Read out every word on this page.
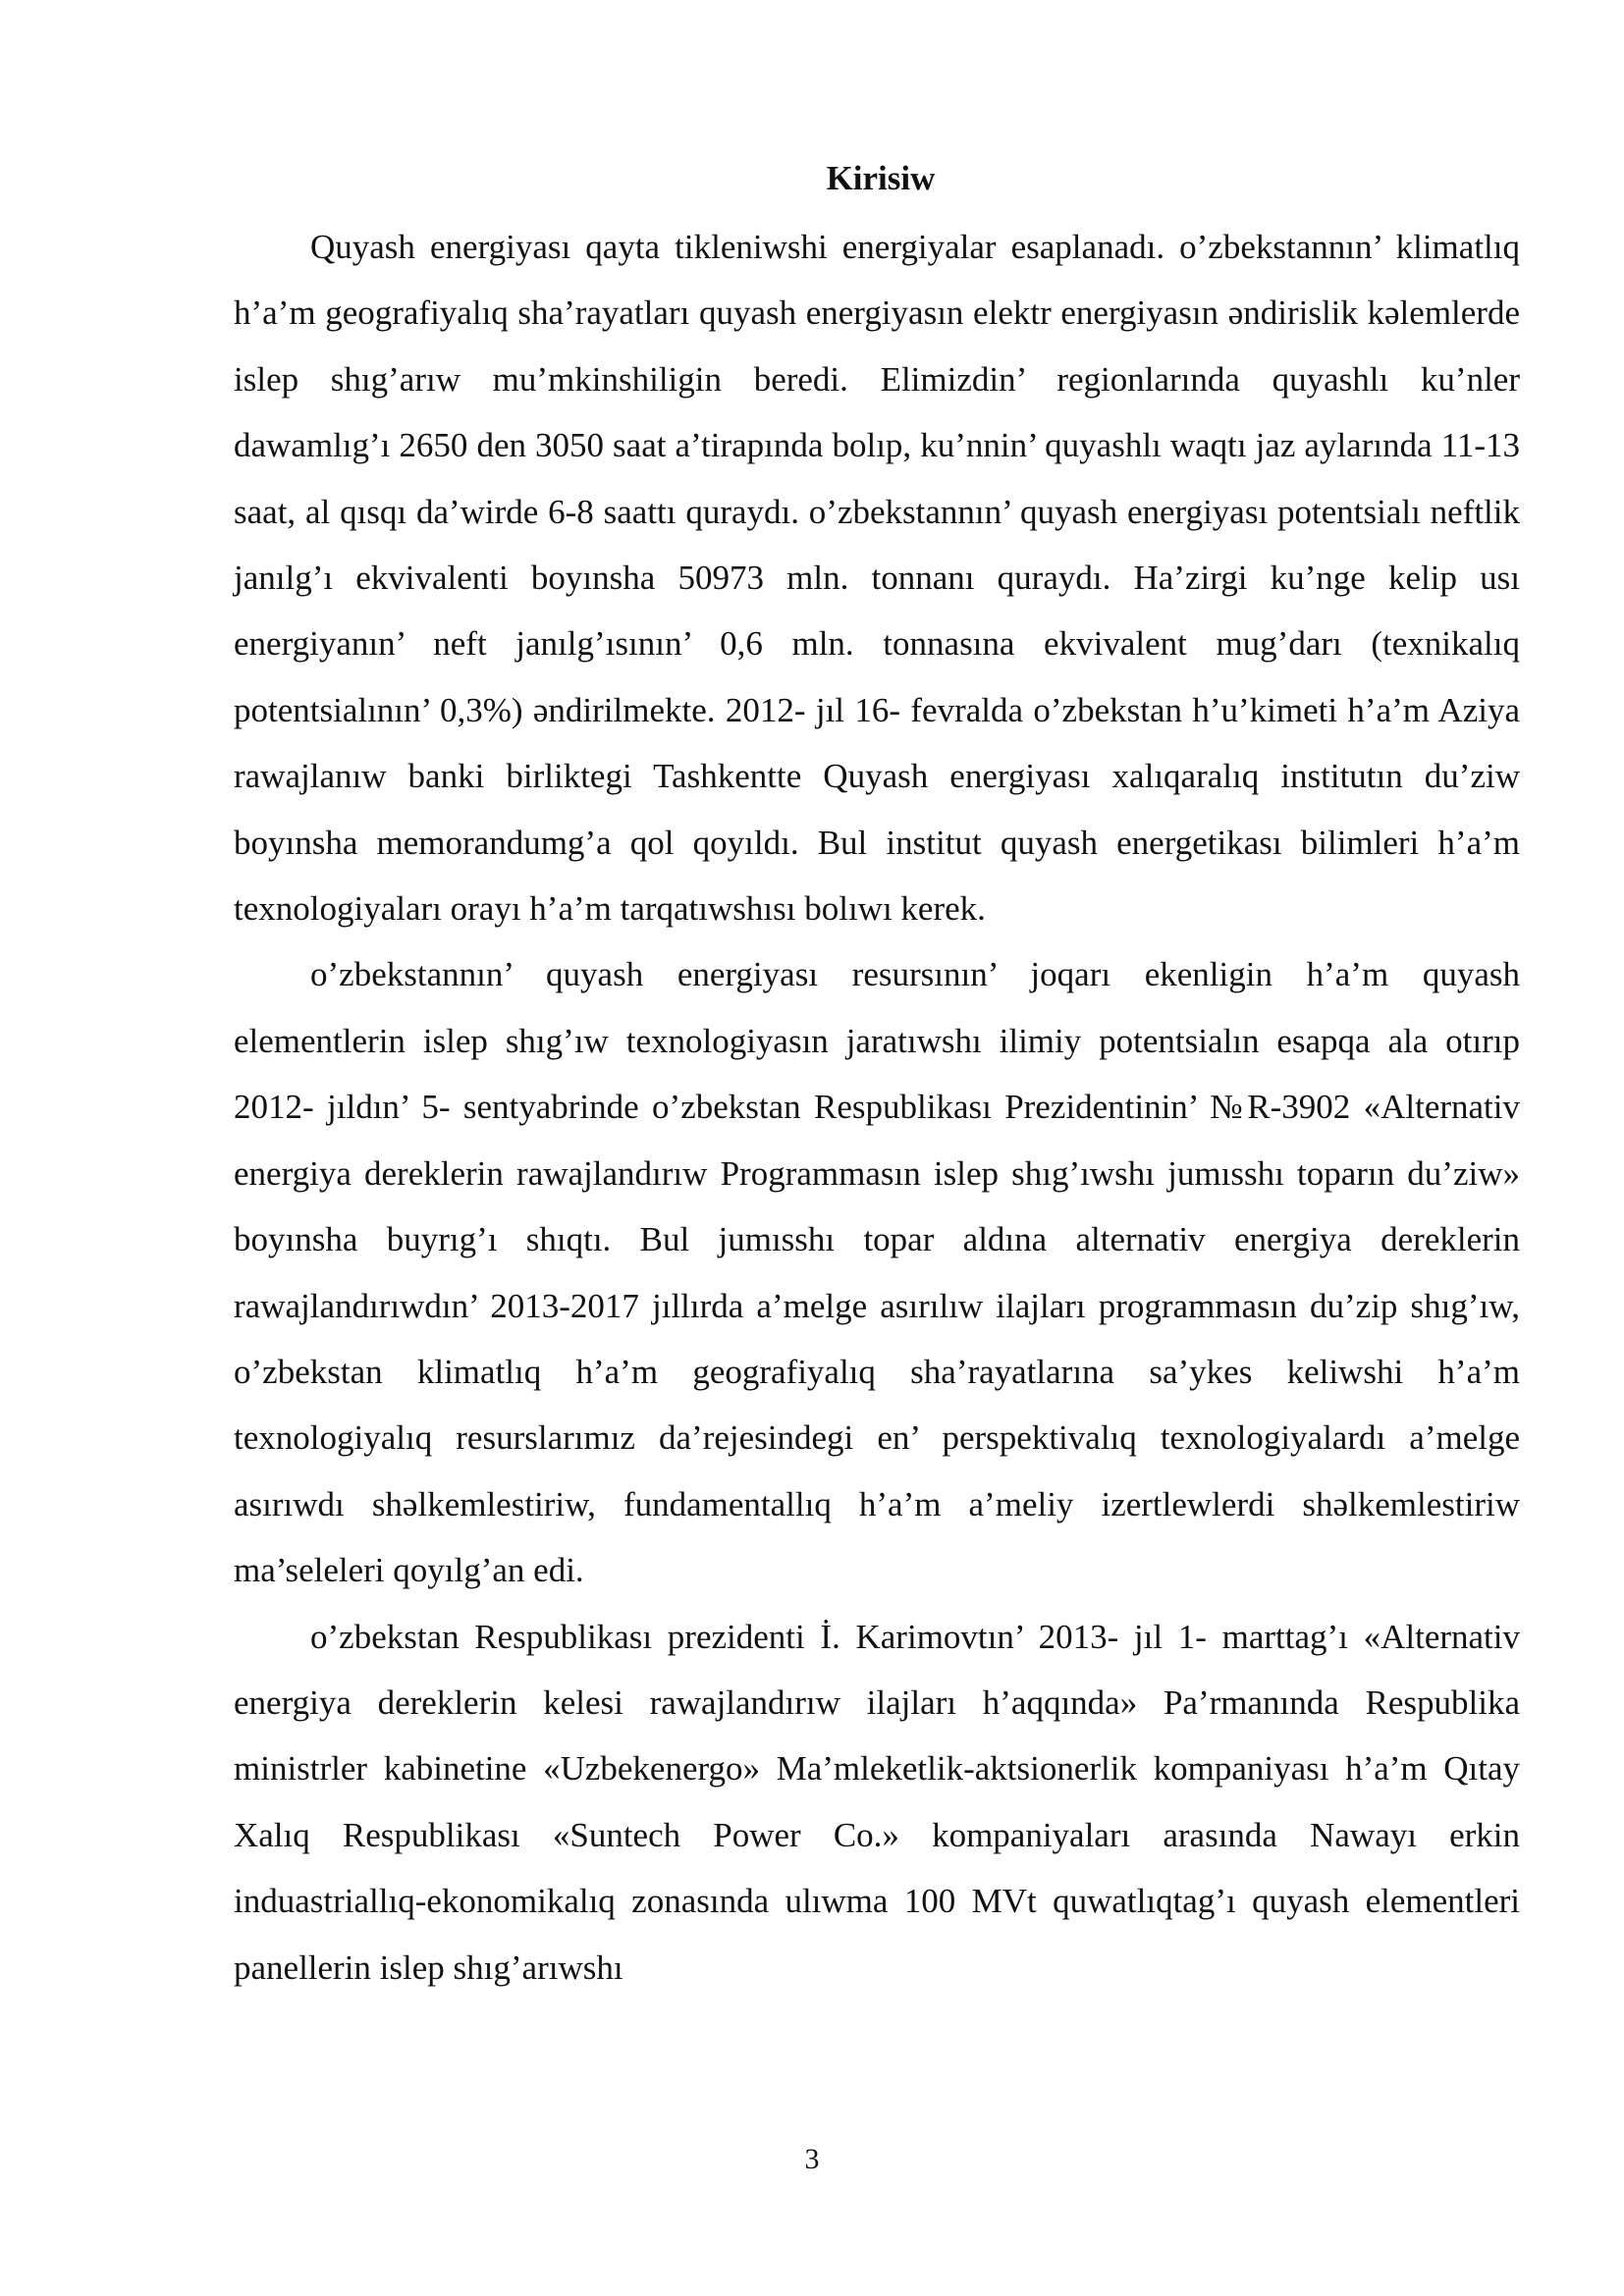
Kirisiw

Quyash energiyası qayta tikleniwshi energiyalar esaplanadı. o’zbekstannın’ klimatlıq h’a’m geografiyalıq sha’rayatları quyash energiyasın elektr energiyasın әndirislik kәlemlerde islep shıg’arıw mu’mkinshiligin beredi. Elimizdin’ regionlarında quyashlı ku’nler dawamlıg’ı 2650 den 3050 saat a’tirapında bolıp, ku’nnin’ quyashlı waqtı jaz aylarında 11-13 saat, al qısqı da’wirde 6-8 saattı quraydı. o’zbekstannın’ quyash energiyası potentsialı neftlik janılg’ı ekvivalenti boyınsha 50973 mln. tonnanı quraydı. Ha’zirgi ku’nge kelip usı energiyanın’ neft janılg’ısının’ 0,6 mln. tonnasına ekvivalent mug’darı (texnikalıq potentsialının’ 0,3%) әndirilmekte. 2012- jıl 16- fevralda o’zbekstan h’u’kimeti h’a’m Aziya rawajlanıw banki birliktegi Tashkentte Quyash energiyası xalıqaralıq institutın du’ziw boyınsha memorandumg’a qol qoyıldı. Bul institut quyash energetikası bilimleri h’a’m texnologiyaları orayı h’a’m tarqatıwshısı bolıwı kerek.

o’zbekstannın’ quyash energiyası resursının’ joqarı ekenligin h’a’m quyash elementlerin islep shıg’ıw texnologiyasın jaratıwshı ilimiy potentsialın esapqa ala otırıp 2012- jıldın’ 5- sentyabrinde o’zbekstan Respublikası Prezidentinin’ №R-3902 «Alternativ energiya dereklerin rawajlandırıw Programmasın islep shıg’ıwshı jumısshı toparın du’ziw» boyınsha buyrıg’ı shıqtı. Bul jumısshı topar aldına alternativ energiya dereklerin rawajlandırıwdın’ 2013-2017 jıllırda a’melge asırılıw ilajları programmasın du’zip shıg’ıw, o’zbekstan klimatlıq h’a’m geografiyalıq sha’rayatlarına sa’ykes keliwshi h’a’m texnologiyalıq resurslarımız da’rejesindegi en’ perspektivalıq texnologiyalardı a’melge asırıwdı shәlkemlestiriw, fundamentallıq h’a’m a’meliy izertlewlerdi shәlkemlestiriw ma’seleleri qoyılg’an edi.

o’zbekstan Respublikası prezidenti İ. Karimovtın’ 2013- jıl 1- marttag’ı «Alternativ energiya dereklerin kelesi rawajlandırıw ilajları h’aqqında» Pa’rmanında Respublika ministrler kabinetine «Uzbekenergo» Ma’mleketlik-aktsionerlik kompaniyası h’a’m Qıtay Xalıq Respublikası «Suntech Power Co.» kompaniyaları arasında Nawayı erkin induastriallıq-ekonomikalıq zonasında ulıwma 100 MVt quwatlıqtag’ı quyash elementleri panellerin islep shıg’arıwshı

3
